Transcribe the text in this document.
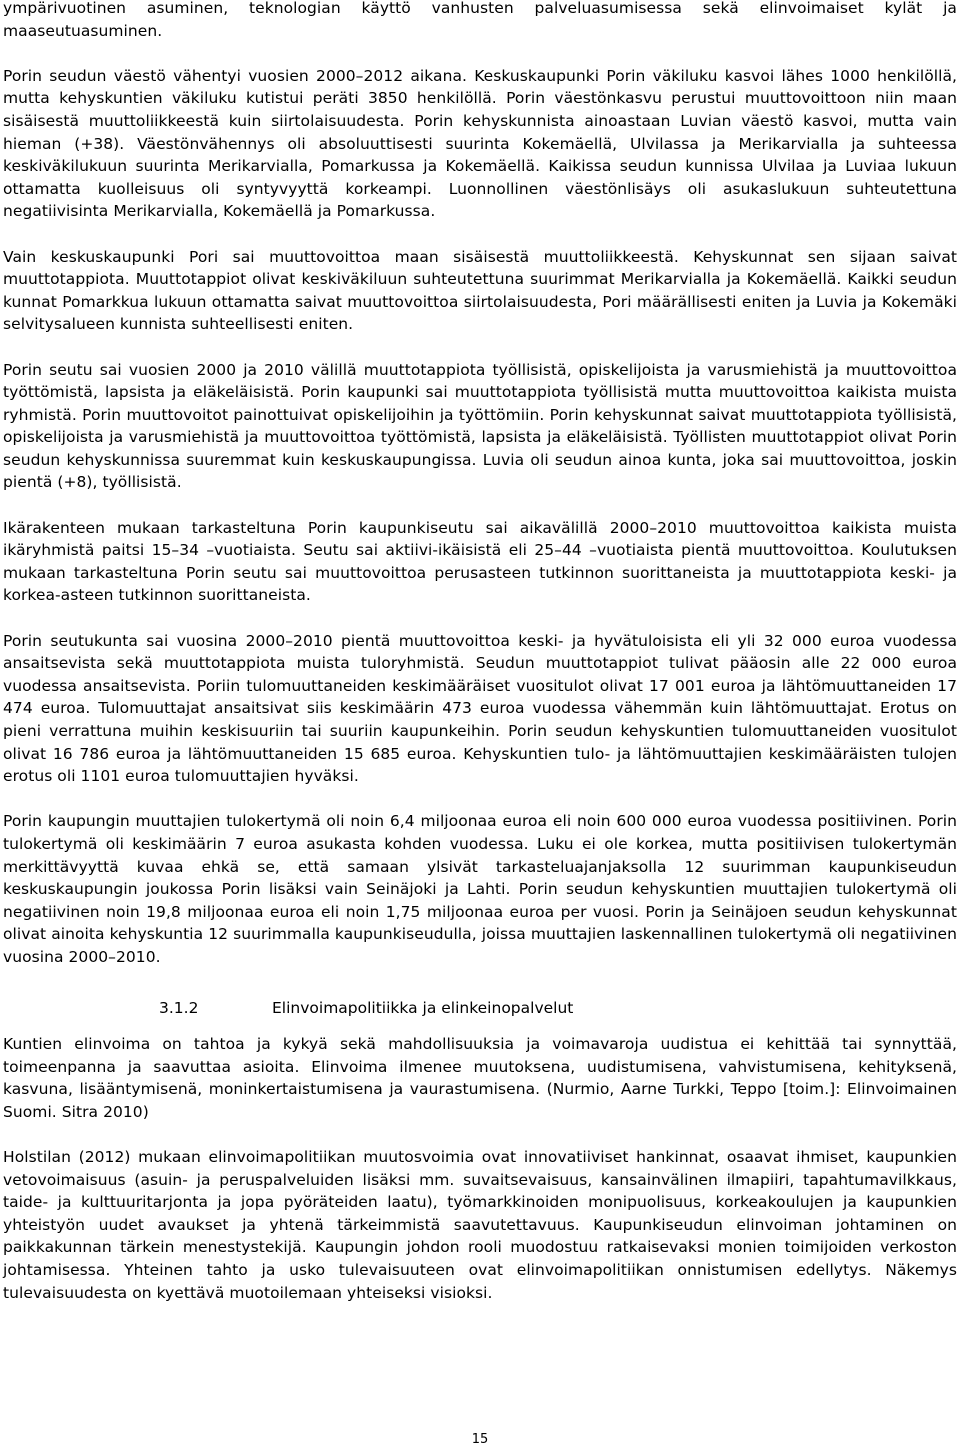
ympärivuotinen asuminen, teknologian käyttö vanhusten palveluasumisessa sekä elinvoimaiset kylät ja maaseutuasuminen.

Porin seudun väestö vähentyi vuosien 2000–2012 aikana. Keskuskaupunki Porin väkiluku kasvoi lähes 1000 henkilöllä, mutta kehyskuntien väkiluku kutistui peräti 3850 henkilöllä. Porin väestönkasvu perustui muuttovoittoon niin maan sisäisestä muuttoliikkeestä kuin siirtolaisuudesta. Porin kehyskunnista ainoastaan Luvian väestö kasvoi, mutta vain hieman (+38). Väestönvähennys oli absoluuttisesti suurinta Kokemäellä, Ulvilassa ja Merikarvialla ja suhteessa keskiväkilukuun suurinta Merikarvialla, Pomarkussa ja Kokemäellä. Kaikissa seudun kunnissa Ulvilaa ja Luviaa lukuun ottamatta kuolleisuus oli syntyvyyttä korkeampi. Luonnollinen väestönlisäys oli asukaslukuun suhteutettuna negatiivisinta Merikarvialla, Kokemäellä ja Pomarkussa.

Vain keskuskaupunki Pori sai muuttovoittoa maan sisäisestä muuttoliikkeestä. Kehyskunnat sen sijaan saivat muuttotappiota. Muuttotappiot olivat keskiväkiluun suhteutettuna suurimmat Merikarvialla ja Kokemäellä. Kaikki seudun kunnat Pomarkkua lukuun ottamatta saivat muuttovoittoa siirtolaisuudesta, Pori määrällisesti eniten ja Luvia ja Kokemäki selvitysalueen kunnista suhteellisesti eniten.

Porin seutu sai vuosien 2000 ja 2010 välillä muuttotappiota työllisistä, opiskelijoista ja varusmiehistä ja muuttovoittoa työttömistä, lapsista ja eläkeläisistä. Porin kaupunki sai muuttotappiota työllisistä mutta muuttovoittoa kaikista muista ryhmistä. Porin muuttovoitot painottuivat opiskelijoihin ja työttömiin. Porin kehyskunnat saivat muuttotappiota työllisistä, opiskelijoista ja varusmiehistä ja muuttovoittoa työttömistä, lapsista ja eläkeläisistä. Työllisten muuttotappiot olivat Porin seudun kehyskunnissa suuremmat kuin keskuskaupungissa. Luvia oli seudun ainoa kunta, joka sai muuttovoittoa, joskin pientä (+8), työllisistä.

Ikärakenteen mukaan tarkasteltuna Porin kaupunkiseutu sai aikavälillä 2000–2010 muuttovoittoa kaikista muista ikäryhmistä paitsi 15–34 –vuotiaista. Seutu sai aktiivi-ikäisistä eli 25–44 –vuotiaista pientä muuttovoittoa. Koulutuksen mukaan tarkasteltuna Porin seutu sai muuttovoittoa perusasteen tutkinnon suorittaneista ja muuttotappiota keski- ja korkea-asteen tutkinnon suorittaneista.

Porin seutukunta sai vuosina 2000–2010 pientä muuttovoittoa keski- ja hyvätuloisista eli yli 32 000 euroa vuodessa ansaitsevista sekä muuttotappiota muista tuloryhmistä. Seudun muuttotappiot tulivat pääosin alle 22 000 euroa vuodessa ansaitsevista. Poriin tulomuuttaneiden keskimääräiset vuositulot olivat 17 001 euroa ja lähtömuuttaneiden 17 474 euroa. Tulomuuttajat ansaitsivat siis keskimäärin 473 euroa vuodessa vähemmän kuin lähtömuuttajat. Erotus on pieni verrattuna muihin keskisuuriin tai suuriin kaupunkeihin. Porin seudun kehyskuntien tulomuuttaneiden vuositulot olivat 16 786 euroa ja lähtömuuttaneiden 15 685 euroa. Kehyskuntien tulo- ja lähtömuuttajien keskimääräisten tulojen erotus oli 1101 euroa tulomuuttajien hyväksi.

Porin kaupungin muuttajien tulokertymä oli noin 6,4 miljoonaa euroa eli noin 600 000 euroa vuodessa positiivinen. Porin tulokertymä oli keskimäärin 7 euroa asukasta kohden vuodessa. Luku ei ole korkea, mutta positiivisen tulokertymän merkittävyyttä kuvaa ehkä se, että samaan ylsivät tarkasteluajanjaksolla 12 suurimman kaupunkiseudun keskuskaupungin joukossa Porin lisäksi vain Seinäjoki ja Lahti. Porin seudun kehyskuntien muuttajien tulokertymä oli negatiivinen noin 19,8 miljoonaa euroa eli noin 1,75 miljoonaa euroa per vuosi. Porin ja Seinäjoen seudun kehyskunnat olivat ainoita kehyskuntia 12 suurimmalla kaupunkiseudulla, joissa muuttajien laskennallinen tulokertymä oli negatiivinen vuosina 2000–2010.

3.1.2	Elinvoimapolitiikka ja elinkeinopalvelut

Kuntien elinvoima on tahtoa ja kykyä sekä mahdollisuuksia ja voimavaroja uudistua ei kehittää tai synnyttää, toimeenpanna ja saavuttaa asioita. Elinvoima ilmenee muutoksena, uudistumisena, vahvistumisena, kehityksenä, kasvuna, lisääntymisenä, moninkertaistumisena ja vaurastumisena. (Nurmio, Aarne Turkki, Teppo [toim.]: Elinvoimainen Suomi. Sitra 2010)

Holstilan (2012) mukaan elinvoimapolitiikan muutosvoimia ovat innovatiiviset hankinnat, osaavat ihmiset, kaupunkien vetovoimaisuus (asuin- ja peruspalveluiden lisäksi mm. suvaitsevaisuus, kansainvälinen ilmapiiri, tapahtumavilkkaus, taide- ja kulttuuritarjonta ja jopa pyöräteiden laatu), työmarkkinoiden monipuolisuus, korkeakoulujen ja kaupunkien yhteistyön uudet avaukset ja yhtenä tärkeimmistä saavutettavuus. Kaupunkiseudun elinvoiman johtaminen on paikkakunnan tärkein menestystekijä. Kaupungin johdon rooli muodostuu ratkaisevaksi monien toimijoiden verkoston johtamisessa. Yhteinen tahto ja usko tulevaisuuteen ovat elinvoimapolitiikan onnistumisen edellytys. Näkemys tulevaisuudesta on kyettävä muotoilemaan yhteiseksi visioksi.

15
